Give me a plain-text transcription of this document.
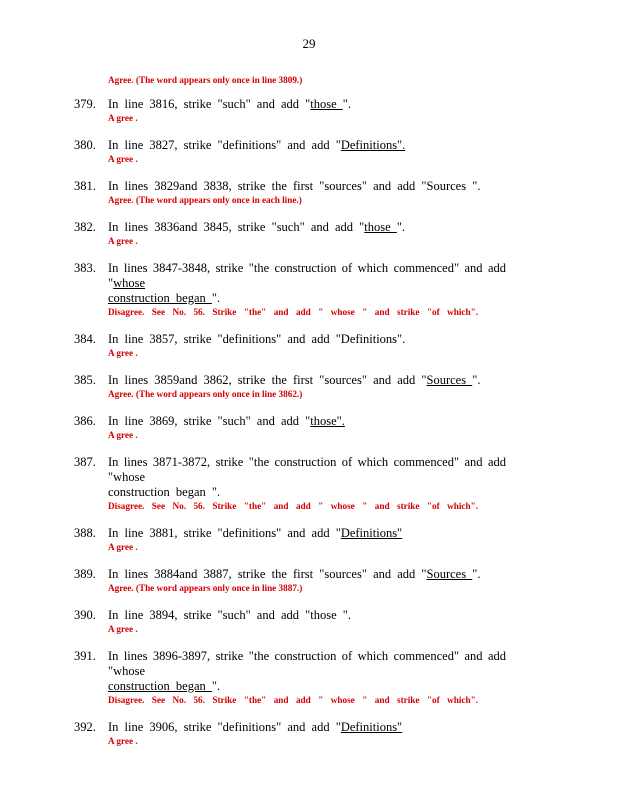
29
Agree. (The word appears only once in line 3809.)
379. In line 3816, strike "such" and add "those ".
A gree .
380. In line 3827, strike "definitions" and add "Definitions".
A gree .
381. In lines 3829and 3838, strike the first "sources" and add "Sources ".
Agree. (The word appears only once in each line.)
382. In lines 3836and 3845, strike "such" and add "those ".
A gree .
383. In lines 3847-3848, strike "the construction of which commenced" and add "whose
construction began ".
Disagree. See No. 56. Strike "the" and add " whose " and strike "of which".
384. In line 3857, strike "definitions" and add "Definitions".
A gree .
385. In lines 3859and 3862, strike the first "sources" and add "Sources ".
Agree. (The word appears only once in line 3862.)
386. In line 3869, strike "such" and add "those".
A gree .
387. In lines 3871-3872, strike "the construction of which commenced" and add "whose
construction began ".
Disagree. See No. 56. Strike "the" and add " whose " and strike "of which".
388. In line 3881, strike "definitions" and add "Definitions"
A gree .
389. In lines 3884and 3887, strike the first "sources" and add "Sources ".
Agree. (The word appears only once in line 3887.)
390. In line 3894, strike "such" and add "those ".
A gree .
391. In lines 3896-3897, strike "the construction of which commenced" and add "whose
construction began ".
Disagree. See No. 56. Strike "the" and add " whose " and strike "of which".
392. In line 3906, strike "definitions" and add "Definitions"
A gree .
